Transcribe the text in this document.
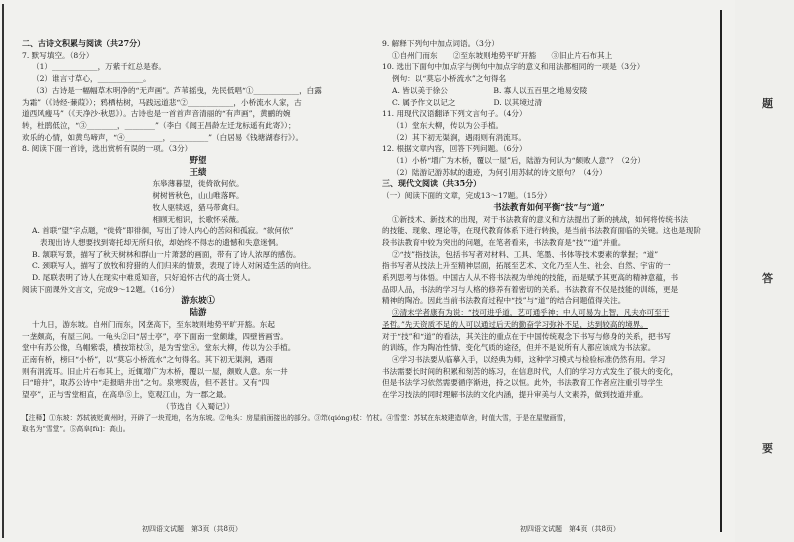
二、古诗文积累与阅读（共27分）

7. 默写填空。（8分）

（1）____________，万紫千红总是春。

（2）谁言寸草心，____________。

（3）古诗是一幅幅草木明净的“无声画”。芦苇摇曳，先民低唱“①____________，白露

为霜”（《诗经·蒹葭》）；鸦栖枯树，马践远道悲“②____________，小桥流水人家，古

道西风瘦马”（《天净沙·秋思》）。古诗也是一首首声音清丽的“有声画”，黄鹂的婉

转，杜鹃低泣，“③________，________”（李白《闻王昌龄左迁龙标遥有此寄》）；

欢乐的心情，如黄鸟啼声，“④__________，__________”（白居易《钱塘湖春行》）。

8. 阅读下面一首诗，选出赏析有误的一项。（3分）

野望

王绩

东皋薄暮望，徙倚欲何依。

树树皆秋色，山山唯落晖。

牧人驱犊返，猎马带禽归。

相顾无相识，长歌怀采薇。

A. 首联“望”字点题，“徙倚”即徘徊，写出了诗人内心的苦闷和孤寂。“欲何依”

表现出诗人想要找到寄托却无所归依，却始终不得志的遗憾和失意迷惘。

B. 颔联写景，描写了秋天树林和群山一片萧瑟的画面，带有了诗人浓厚的感伤。

C. 颈联写人，描写了放牧和狩猎的人们归来的情景，表现了诗人对闲适生活的向往。

D. 尾联表明了诗人在现实中难觅知音，只好追怀古代的高士贤人。

阅读下面课外文言文，完成9～12题。（16分）

游东坡①

陆游

十九日，游东坡。自州门而东，冈垄高下，至东坡则地势平旷开豁。东起

一垄颇高，有屋三间。一龟头②曰“居士亭”，亭下面南一堂颇雄，四壁皆画雪。

堂中有苏公像，乌帽紫裘，横按筇杖③，是为雪堂④。堂东大柳，传以为公手植。

正南有桥，榜曰“小桥”，以“莫忘小桥流水”之句得名。其下初无渠涧，遇雨

则有涓流耳。旧止片石布其上，近辄增广为木桥，覆以一屋，颇败人意。东一井

曰“暗井”，取苏公诗中“走报暗井出”之句。泉寒熨齿，但不甚甘。又有“四

望亭”，正与雪堂相直，在高阜⑤上，览观江山，为一郡之最。

（节选自《入蜀记》）

【注释】①东坡：苏轼被贬黄州时，开辟了一块荒地，名为东坡。②龟头：房屋前面接出的部分。③筇(qióng)杖：竹杖。④雪堂：苏轼在东坡建造草舍，时值大雪，于是在屋壁画雪，

取名为“雪堂”。⑤高阜[fù]：高山。

初四语文试题　第3页（共8页）

9. 解释下列句中加点词语。（3分）

①自州门而东　　②至东坡则地势平旷开豁　　③旧止片石布其上

10. 选出下面句中加点字与例句中加点字的意义和用法都相同的一项是（3分）

例句：以“莫忘小桥流水”之句得名

A. 皆以美于徐公　　　　　　B. 寡人以五百里之地易安陵

C. 属予作文以记之　　　　　D. 以其境过清

11. 用现代汉语翻译下列文言句子。（4分）

（1）堂东大柳，传以为公手植。

（2）其下初无渠涧，遇雨则有涓流耳。

12. 根据文章内容，回答下列问题。（6分）

（1）小桥“增广为木桥，覆以一屋”后，陆游为何认为“颇败人意”？（2分）

（2）陆游记游苏轼的遗迹，为何引用苏轼的诗文原句？（4分）

三、现代文阅读（共35分）

（一）阅读下面的文章，完成13～17题。（15分）

书法教育如何平衡“技”与“道”

①新技术、新技术的出现，对于书法教育的意义和方法提出了新的挑战，如何将传统书法

的技能、现象、理论等，在现代教育体系下进行转换，是当前书法教育面临的关键。这也是现阶

段书法教育中较为突出的问题，在笔者看来，书法教育是“技”“道”并重。

②“技”指技法，包括书写者对材料、工具、笔墨、书体等技术要素的掌握；“道”

指书写者从技法上升至精神层面，拓展至艺术、文化乃至人生、社会、自然、宇宙的一

系列思考与体悟。中国古人从不将书法视为单纯的技能，而是赋予其更高的精神意蕴，书

品即人品，书法的学习与人格的修养有着密切的关系。书法教育不仅是技能的训练，更是

精神的陶冶。因此当前书法教育过程中“技”与“道”的结合问题值得关注。

③清末学者康有为说：“技可进乎道，艺可通乎神；中人可易为上智，凡夫亦可至于

圣哲。”先天资质不足的人可以通过后天的勤奋学习弥补不足，达到较高的境界。

对于“技”和“道”的看法，其关注的重点在于中国传统观念下书写与修身的关系，把书写

的训练，作为陶冶性情、变化气质的途径，但并不是说所有人都应该成为书法家。

④学习书法要从临摹入手，以经典为师，这种学习模式与检验标准仍然有用。学习

书法需要长时间的积累和刻苦的练习，在信息时代，人们的学习方式发生了很大的变化，

但是书法学习依然需要循序渐进，持之以恒。此外，书法教育工作者应注重引导学生

在学习技法的同时理解书法的文化内涵，提升审美与人文素养，做到技道并重。

初四语文试题　第4页（共8页）
题
答
要
